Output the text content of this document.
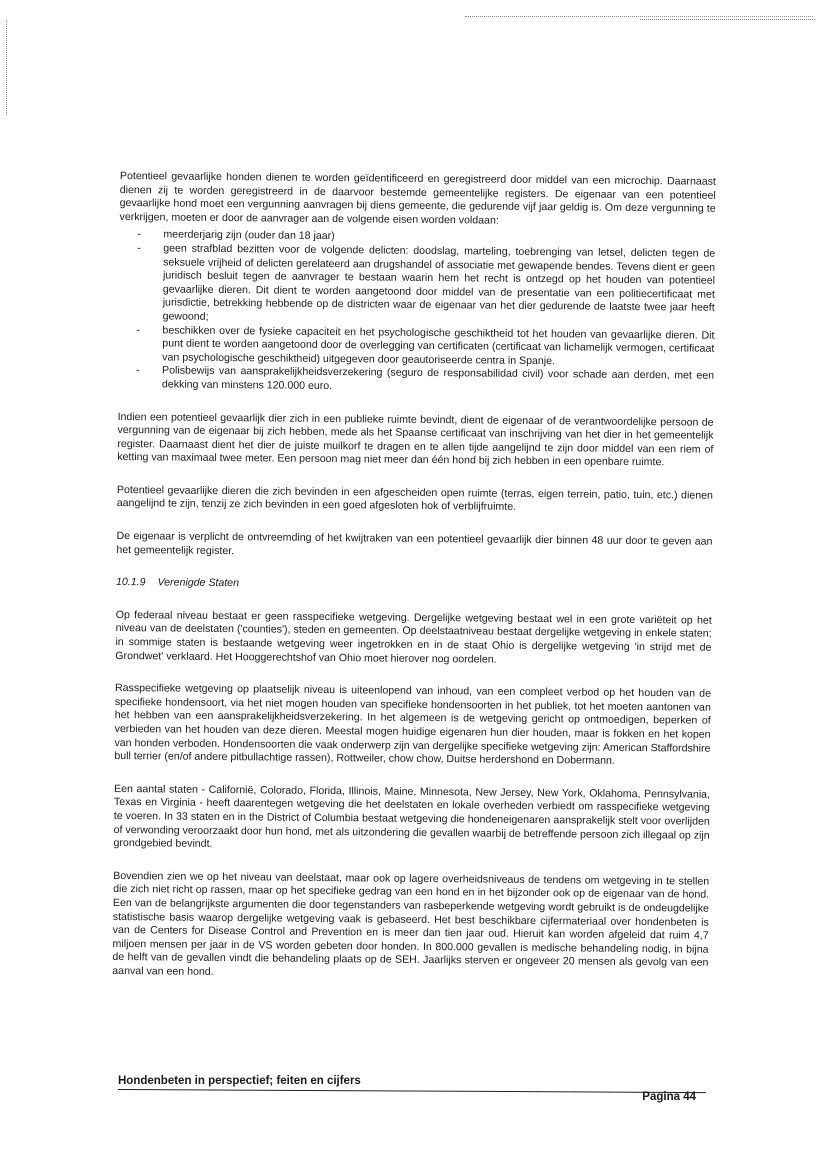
Potentieel gevaarlijke honden dienen te worden geïdentificeerd en geregistreerd door middel van een microchip. Daarnaast dienen zij te worden geregistreerd in de daarvoor bestemde gemeentelijke registers. De eigenaar van een potentieel gevaarlijke hond moet een vergunning aanvragen bij diens gemeente, die gedurende vijf jaar geldig is. Om deze vergunning te verkrijgen, moeten er door de aanvrager aan de volgende eisen worden voldaan:

- meerderjarig zijn (ouder dan 18 jaar)
- geen strafblad bezitten voor de volgende delicten: doodslag, marteling, toebrenging van letsel, delicten tegen de seksuele vrijheid of delicten gerelateerd aan drugshandel of associatie met gewapende bendes. Tevens dient er geen juridisch besluit tegen de aanvrager te bestaan waarin hem het recht is ontzegd op het houden van potentieel gevaarlijke dieren. Dit dient te worden aangetoond door middel van de presentatie van een politiecertificaat met jurisdictie, betrekking hebbende op de districten waar de eigenaar van het dier gedurende de laatste twee jaar heeft gewoond;
- beschikken over de fysieke capaciteit en het psychologische geschiktheid tot het houden van gevaarlijke dieren. Dit punt dient te worden aangetoond door de overlegging van certificaten (certificaat van lichamelijk vermogen, certificaat van psychologische geschiktheid) uitgegeven door geautoriseerde centra in Spanje.
- Polisbewijs van aansprakelijkheidsverzekering (seguro de responsabilidad civil) voor schade aan derden, met een dekking van minstens 120.000 euro.

Indien een potentieel gevaarlijk dier zich in een publieke ruimte bevindt, dient de eigenaar of de verantwoordelijke persoon de vergunning van de eigenaar bij zich hebben, mede als het Spaanse certificaat van inschrijving van het dier in het gemeentelijk register. Daarnaast dient het dier de juiste muilkorf te dragen en te allen tijde aangelijnd te zijn door middel van een riem of ketting van maximaal twee meter. Een persoon mag niet meer dan één hond bij zich hebben in een openbare ruimte.

Potentieel gevaarlijke dieren die zich bevinden in een afgescheiden open ruimte (terras, eigen terrein, patio, tuin, etc.) dienen aangelijnd te zijn, tenzij ze zich bevinden in een goed afgesloten hok of verblijfruimte.

De eigenaar is verplicht de ontvreemding of het kwijtraken van een potentieel gevaarlijk dier binnen 48 uur door te geven aan het gemeentelijk register.

10.1.9 Verenigde Staten

Op federaal niveau bestaat er geen rasspecifieke wetgeving. Dergelijke wetgeving bestaat wel in een grote variëteit op het niveau van de deelstaten ('counties'), steden en gemeenten. Op deelstaatniveau bestaat dergelijke wetgeving in enkele staten; in sommige staten is bestaande wetgeving weer ingetrokken en in de staat Ohio is dergelijke wetgeving 'in strijd met de Grondwet' verklaard. Het Hooggerechtshof van Ohio moet hierover nog oordelen.

Rasspecifieke wetgeving op plaatselijk niveau is uiteenlopend van inhoud, van een compleet verbod op het houden van de specifieke hondensoort, via het niet mogen houden van specifieke hondensoorten in het publiek, tot het moeten aantonen van het hebben van een aansprakelijkheidsverzekering. In het algemeen is de wetgeving gericht op ontmoedigen, beperken of verbieden van het houden van deze dieren. Meestal mogen huidige eigenaren hun dier houden, maar is fokken en het kopen van honden verboden. Hondensoorten die vaak onderwerp zijn van dergelijke specifieke wetgeving zijn: American Staffordshire bull terrier (en/of andere pitbullachtige rassen), Rottweiler, chow chow, Duitse herdershond en Dobermann.

Een aantal staten - Californië, Colorado, Florida, Illinois, Maine, Minnesota, New Jersey, New York, Oklahoma, Pennsylvania, Texas en Virginia - heeft daarentegen wetgeving die het deelstaten en lokale overheden verbiedt om rasspecifieke wetgeving te voeren. In 33 staten en in the District of Columbia bestaat wetgeving die hondeneigenaren aansprakelijk stelt voor overlijden of verwonding veroorzaakt door hun hond, met als uitzondering die gevallen waarbij de betreffende persoon zich illegaal op zijn grondgebied bevindt.

Bovendien zien we op het niveau van deelstaat, maar ook op lagere overheidsniveaus de tendens om wetgeving in te stellen die zich niet richt op rassen, maar op het specifieke gedrag van een hond en in het bijzonder ook op de eigenaar van de hond. Een van de belangrijkste argumenten die door tegenstanders van rasbeperkende wetgeving wordt gebruikt is de ondeugdelijke statistische basis waarop dergelijke wetgeving vaak is gebaseerd. Het best beschikbare cijfermateriaal over hondenbeten is van de Centers for Disease Control and Prevention en is meer dan tien jaar oud. Hieruit kan worden afgeleid dat ruim 4,7 miljoen mensen per jaar in de VS worden gebeten door honden. In 800.000 gevallen is medische behandeling nodig, in bijna de helft van de gevallen vindt die behandeling plaats op de SEH. Jaarlijks sterven er ongeveer 20 mensen als gevolg van een aanval van een hond.

Hondenbeten in perspectief; feiten en cijfers
Pagina 44
